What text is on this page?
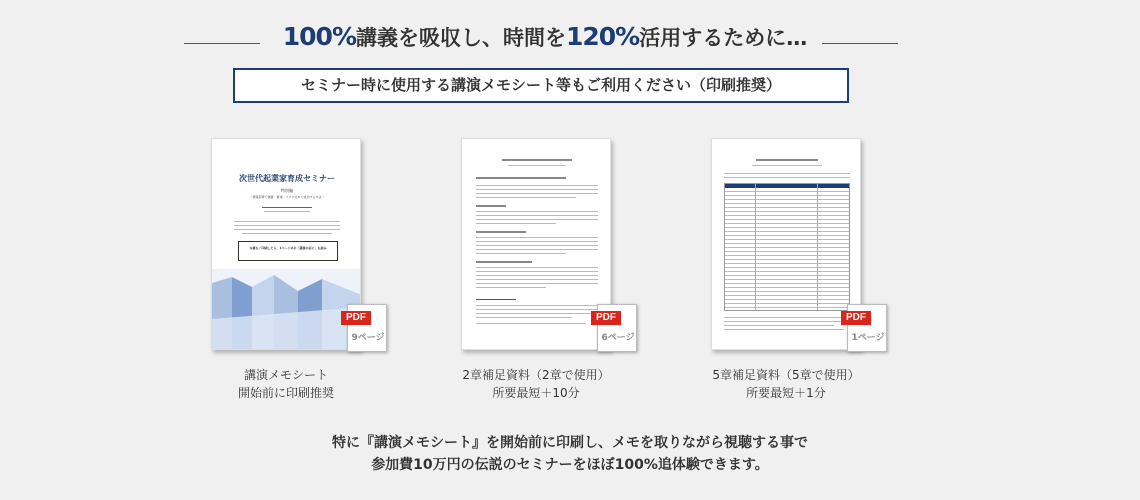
100%講義を吸収し、時間を120%活用するために…
セミナー時に使用する講演メモシート等もご利用ください（印刷推奨）
次世代起業家育成セミナー
特別編
〜情報起業で価値・最速・リスクゼロで成功する方法〜
本書を／印刷したら、1ページめの「講演の前に」を読み
PDF
9ページ
PDF
6ページ
PDF
1ページ
講演メモシート
開始前に印刷推奨
2章補足資料（2章で使用）
所要最短＋10分
5章補足資料（5章で使用）
所要最短＋1分
特に『講演メモシート』を開始前に印刷し、メモを取りながら視聴する事で
参加費10万円の伝説のセミナーをほぼ100%追体験できます。
